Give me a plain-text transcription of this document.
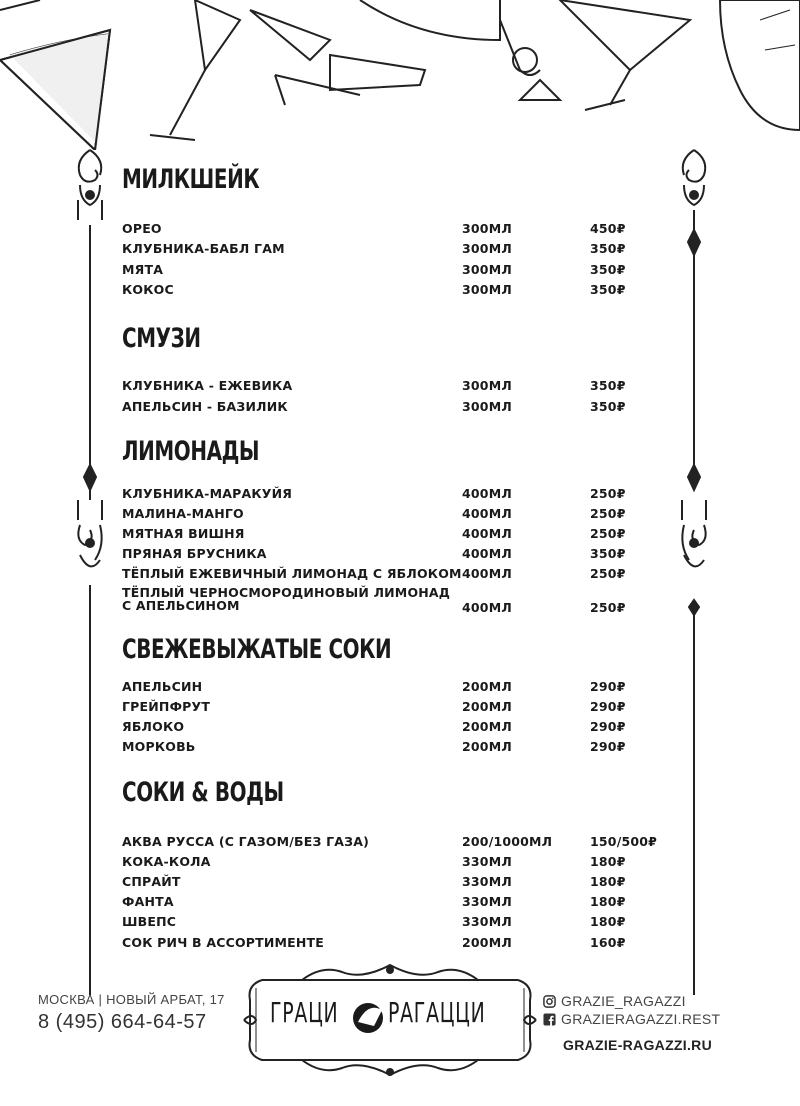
МИЛКШЕЙК
ОРЕО	300МЛ	450₽
КЛУБНИКА-БАБЛ ГАМ	300МЛ	350₽
МЯТА	300МЛ	350₽
КОКОС	300МЛ	350₽
СМУЗИ
КЛУБНИКА - ЕЖЕВИКА	300МЛ	350₽
АПЕЛЬСИН - БАЗИЛИК	300МЛ	350₽
ЛИМОНАДЫ
КЛУБНИКА-МАРАКУЙЯ	400МЛ	250₽
МАЛИНА-МАНГО	400МЛ	250₽
МЯТНАЯ ВИШНЯ	400МЛ	250₽
ПРЯНАЯ БРУСНИКА	400МЛ	350₽
ТЁПЛЫЙ ЕЖЕВИЧНЫЙ ЛИМОНАД С ЯБЛОКОМ 400МЛ	250₽
ТЁПЛЫЙ ЧЕРНОСМОРОДИНОВЫЙ ЛИМОНАД
С АПЕЛЬСИНОМ	400МЛ	250₽
СВЕЖЕВЫЖАТЫЕ СОКИ
АПЕЛЬСИН	200МЛ	290₽
ГРЕЙПФРУТ	200МЛ	290₽
ЯБЛОКО	200МЛ	290₽
МОРКОВЬ	200МЛ	290₽
СОКИ & ВОДЫ
АКВА РУССА (С ГАЗОМ/БЕЗ ГАЗА)	200/1000МЛ	150/500₽
КОКА-КОЛА	330МЛ	180₽
СПРАЙТ	330МЛ	180₽
ФАНТА	330МЛ	180₽
ШВЕПС	330МЛ	180₽
СОК РИЧ В АССОРТИМЕНТЕ	200МЛ	160₽
МОСКВА | НОВЫЙ АРБАТ, 17
8 (495) 664-64-57	ГРАЦИ РАГАЦЦИ	GRAZIE_RAGAZZI
GRAZIERAGAZZI.REST
GRAZIE-RAGAZZI.RU
